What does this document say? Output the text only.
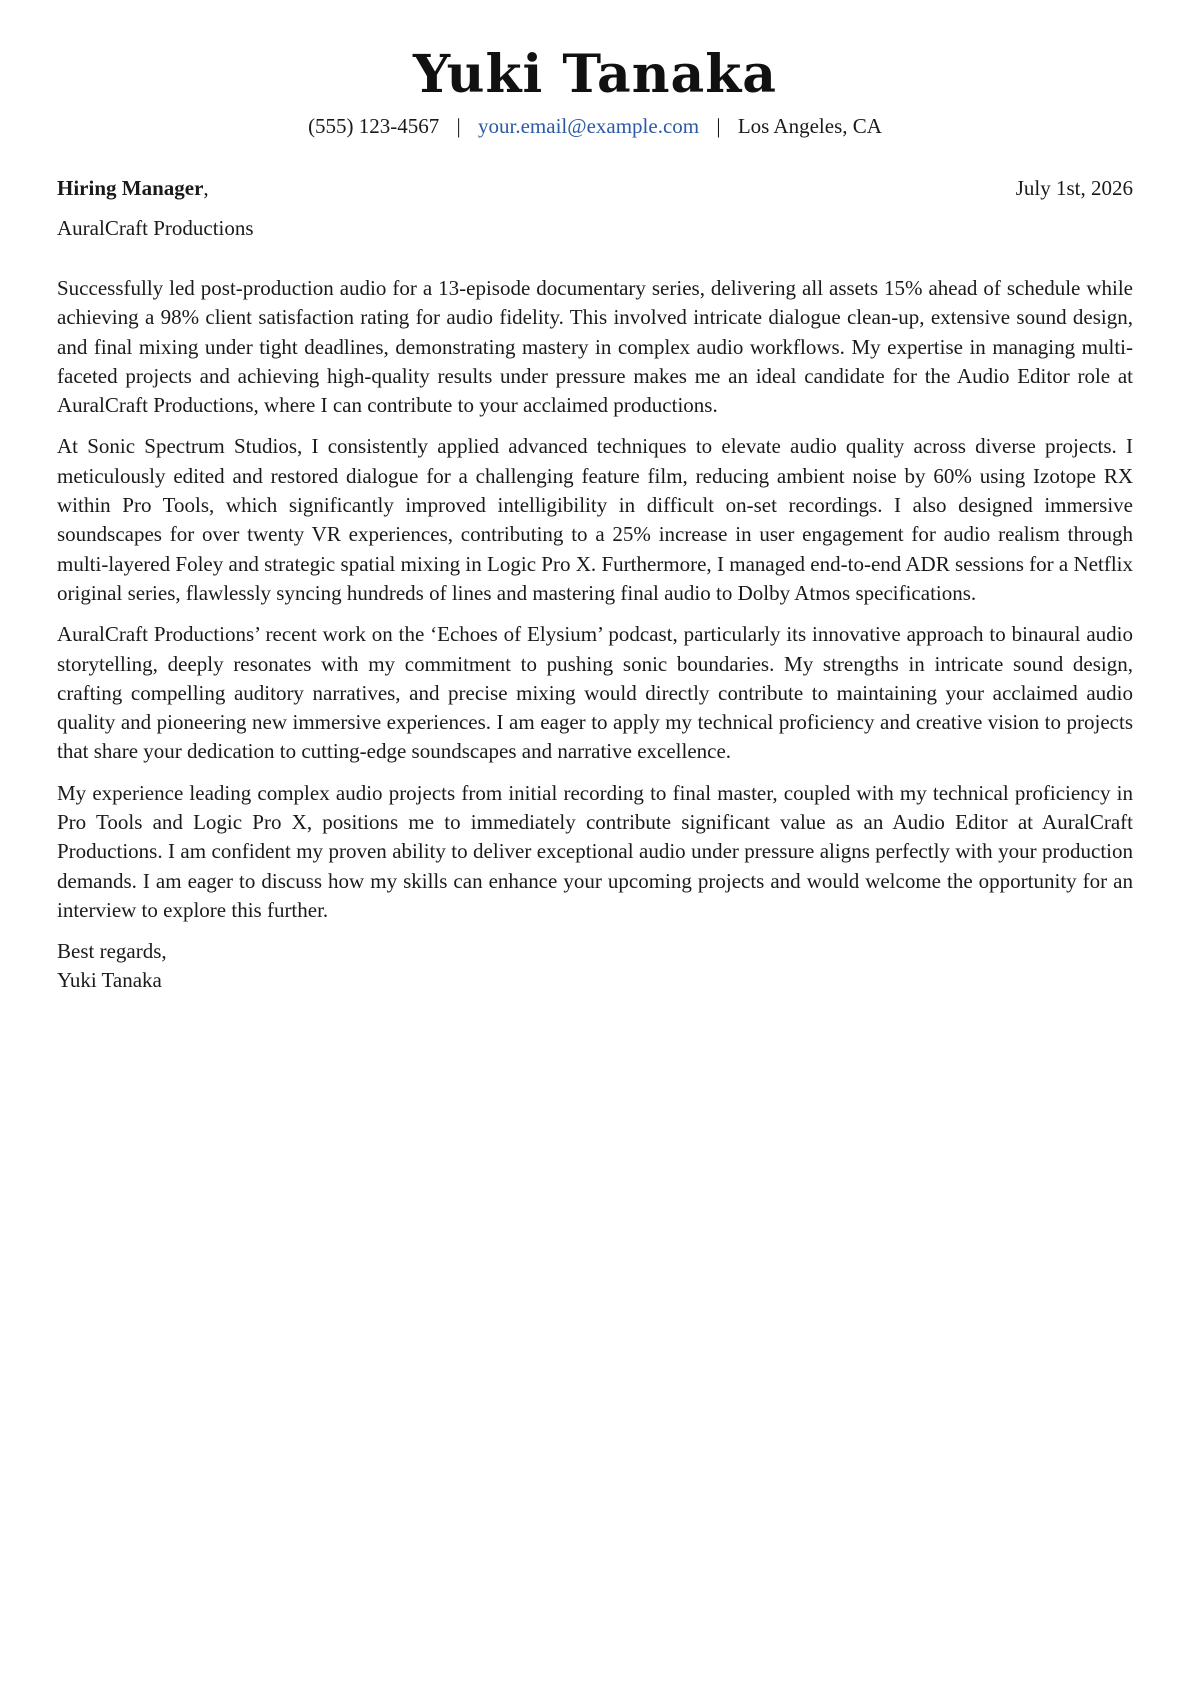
Yuki Tanaka
(555) 123-4567 | your.email@example.com | Los Angeles, CA
Hiring Manager,	July 1st, 2026
AuralCraft Productions

Successfully led post-production audio for a 13-episode documentary series, delivering all assets 15% ahead of schedule while achieving a 98% client satisfaction rating for audio fidelity. This involved intricate dialogue clean-up, extensive sound design, and final mixing under tight deadlines, demonstrating mastery in complex audio workflows. My expertise in managing multi-faceted projects and achieving high-quality results under pressure makes me an ideal candidate for the Audio Editor role at AuralCraft Productions, where I can contribute to your acclaimed productions.

At Sonic Spectrum Studios, I consistently applied advanced techniques to elevate audio quality across diverse projects. I meticulously edited and restored dialogue for a challenging feature film, reducing ambient noise by 60% using Izotope RX within Pro Tools, which significantly improved intelligibility in difficult on-set recordings. I also designed immersive soundscapes for over twenty VR experiences, contributing to a 25% increase in user engagement for audio realism through multi-layered Foley and strategic spatial mixing in Logic Pro X. Furthermore, I managed end-to-end ADR sessions for a Netflix original series, flawlessly syncing hundreds of lines and mastering final audio to Dolby Atmos specifications.

AuralCraft Productions’ recent work on the ‘Echoes of Elysium’ podcast, particularly its innovative approach to binaural audio storytelling, deeply resonates with my commitment to pushing sonic boundaries. My strengths in intricate sound design, crafting compelling auditory narratives, and precise mixing would directly contribute to maintaining your acclaimed audio quality and pioneering new immersive experiences. I am eager to apply my technical proficiency and creative vision to projects that share your dedication to cutting-edge soundscapes and narrative excellence.

My experience leading complex audio projects from initial recording to final master, coupled with my technical proficiency in Pro Tools and Logic Pro X, positions me to immediately contribute significant value as an Audio Editor at AuralCraft Productions. I am confident my proven ability to deliver exceptional audio under pressure aligns perfectly with your production demands. I am eager to discuss how my skills can enhance your upcoming projects and would welcome the opportunity for an interview to explore this further.

Best regards,
Yuki Tanaka
